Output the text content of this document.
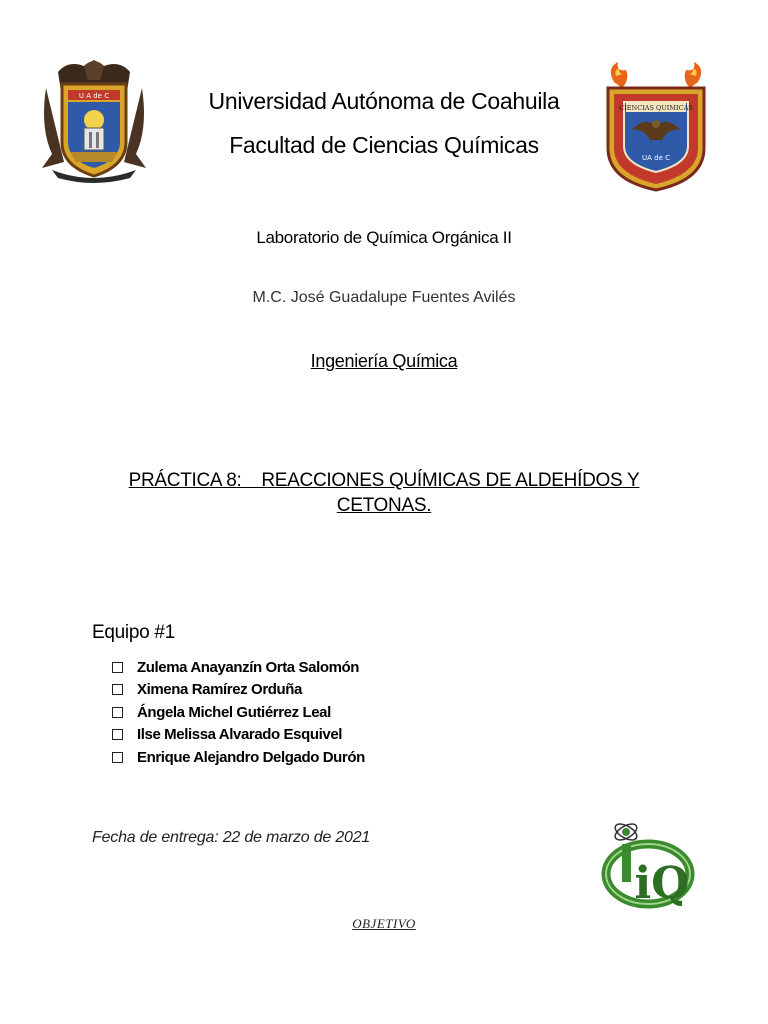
U A de C
CIENCIAS QUIMICAS
UA de C
Universidad Autónoma de Coahuila
Facultad de Ciencias Químicas
Laboratorio de Química Orgánica II
M.C. José Guadalupe Fuentes Avilés
Ingeniería Química
PRÁCTICA 8:    REACCIONES QUÍMICAS DE ALDEHÍDOS Y
CETONAS.
Equipo #1
Zulema Anayanzín Orta Salomón
Ximena Ramírez Orduña
Ángela Michel Gutiérrez Leal
Ilse Melissa Alvarado Esquivel
Enrique Alejandro Delgado Durón
Fecha de entrega: 22 de marzo de 2021
iQ
OBJETIVO
